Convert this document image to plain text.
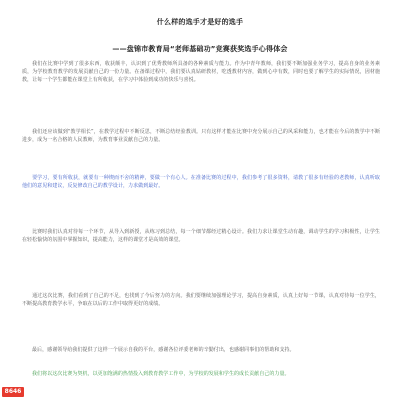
什么样的选手才是好的选手
——盘锦市教育局“老师基础功”竞赛获奖选手心得体会
我们在比赛中学到了很多东西，收获颇丰，认识到了优秀教师所具备的各种素质与能力。作为中青年教师，我们要不断加强业务学习，提高自身的业务素质，为学校教育教学的发展贡献自己的一份力量。在备课过程中，我们要认真钻研教材，吃透教材内容，做到心中有数，同时也要了解学生的实际情况，因材施教，让每一个学生都能在课堂上有所收获，在学习中体验到成功的快乐与喜悦。
我们还应该做到“教学相长”，在教学过程中不断反思，不断总结经验教训。只有这样才能在比赛中充分展示自己的风采和能力，也才能在今后的教学中不断进步，成为一名合格的人民教师，为教育事业贡献自己的力量。
要学习，要有所收获，就要有一种锲而不舍的精神，要做一个有心人。在准备比赛的过程中，我们参考了很多资料，请教了很多有经验的老教师，认真听取他们的意见和建议，反复修改自己的教学设计，力求做到最好。
比赛时我们认真对待每一个环节，从导入到新授，从练习到总结，每一个细节都经过精心设计。我们力求让课堂生动有趣，调动学生的学习积极性，让学生在轻松愉快的氛围中掌握知识，提高能力，这样的课堂才是高效的课堂。
通过这次比赛，我们看到了自己的不足，也找到了今后努力的方向。我们要继续加强理论学习，提高自身素质，认真上好每一节课，认真对待每一位学生，不断提高教育教学水平，争取在以后的工作中取得更好的成绩。
最后，感谢领导给我们提供了这样一个展示自我的平台，感谢各位评委老师的辛勤付出，也感谢同事们的帮助和支持。
我们将以这次比赛为契机，以更加饱满的热情投入到教育教学工作中，为学校的发展和学生的成长贡献自己的力量。
8646
